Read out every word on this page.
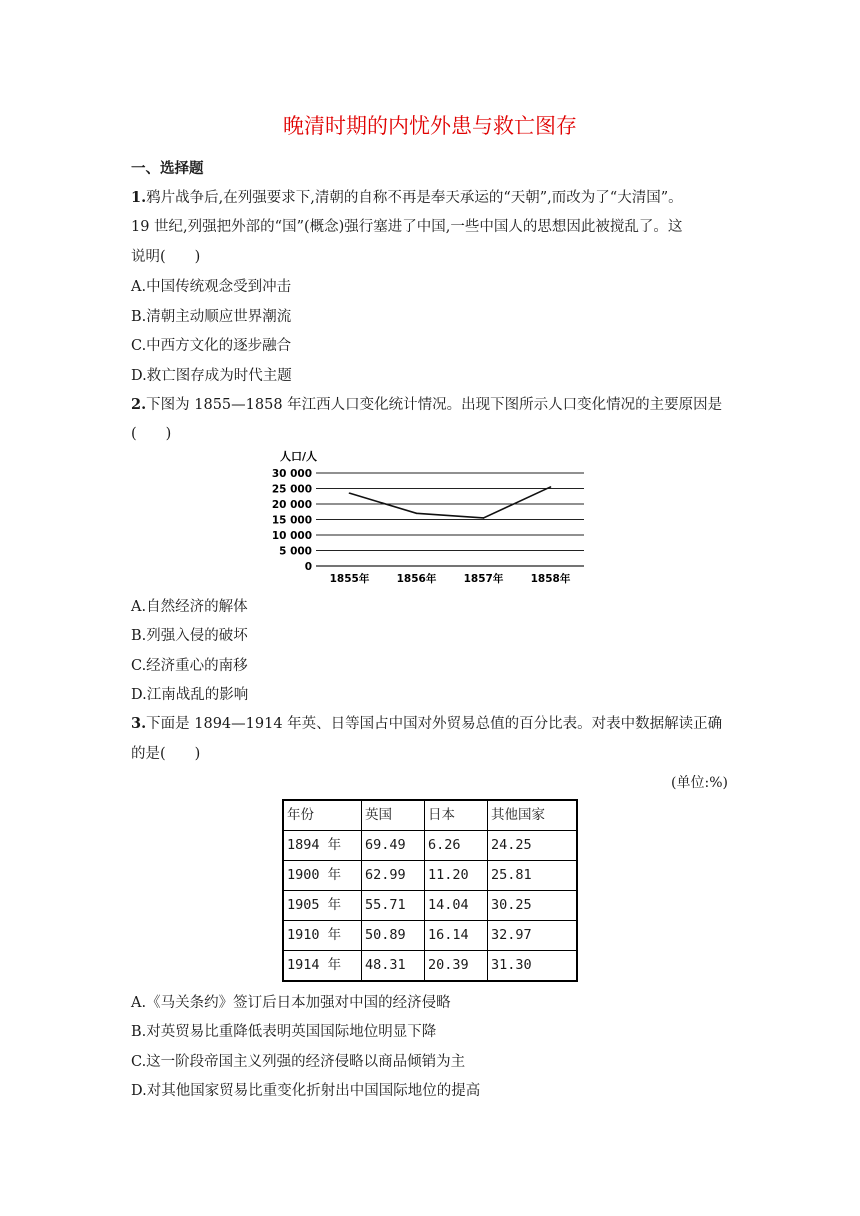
晚清时期的内忧外患与救亡图存
一、选择题
1.鸦片战争后,在列强要求下,清朝的自称不再是奉天承运的“天朝”,而改为了“大清国”。
19 世纪,列强把外部的“国”(概念)强行塞进了中国,一些中国人的思想因此被搅乱了。这
说明(　　)
A.中国传统观念受到冲击
B.清朝主动顺应世界潮流
C.中西方文化的逐步融合
D.救亡图存成为时代主题
2.下图为 1855—1858 年江西人口变化统计情况。出现下图所示人口变化情况的主要原因是
(　　)
人口/人
0
5 000
10 000
15 000
20 000
25 000
30 000
1855年	1856年	1857年	1858年
A.自然经济的解体
B.列强入侵的破坏
C.经济重心的南移
D.江南战乱的影响
3.下面是 1894—1914 年英、日等国占中国对外贸易总值的百分比表。对表中数据解读正确
的是(　　)
(单位:%)
年份	英国	日本	其他国家
1894 年	69.49	6.26	24.25
1900 年	62.99	11.20	25.81
1905 年	55.71	14.04	30.25
1910 年	50.89	16.14	32.97
1914 年	48.31	20.39	31.30
A.《马关条约》签订后日本加强对中国的经济侵略
B.对英贸易比重降低表明英国国际地位明显下降
C.这一阶段帝国主义列强的经济侵略以商品倾销为主
D.对其他国家贸易比重变化折射出中国国际地位的提高
